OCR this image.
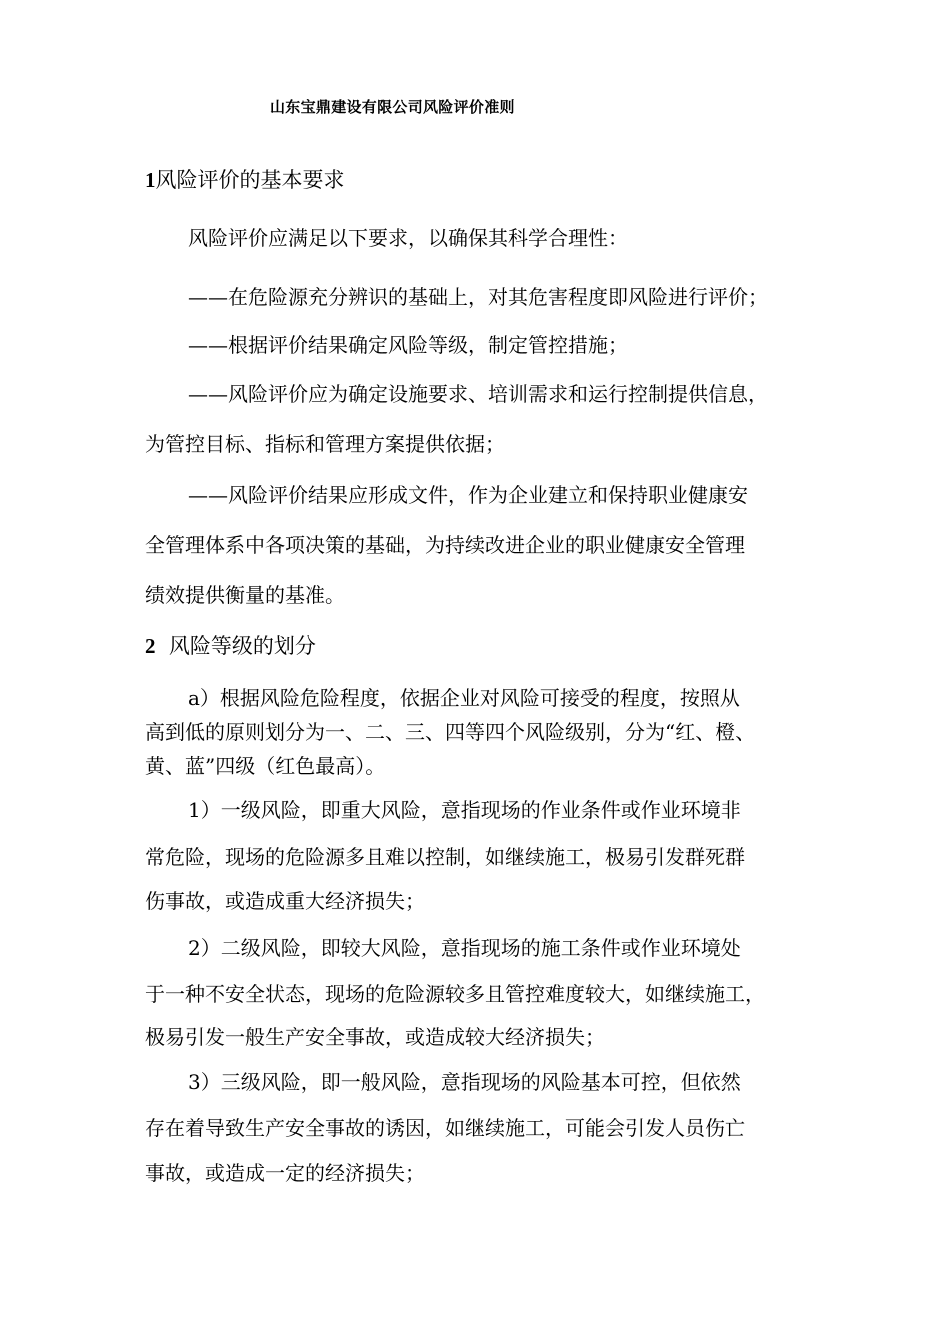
山东宝鼎建设有限公司风险评价准则
1风险评价的基本要求
风险评价应满足以下要求，以确保其科学合理性：
——在危险源充分辨识的基础上，对其危害程度即风险进行评价；
——根据评价结果确定风险等级，制定管控措施；
——风险评价应为确定设施要求、培训需求和运行控制提供信息，
为管控目标、指标和管理方案提供依据；
——风险评价结果应形成文件，作为企业建立和保持职业健康安
全管理体系中各项决策的基础，为持续改进企业的职业健康安全管理
绩效提供衡量的基准。
2 风险等级的划分
a）根据风险危险程度，依据企业对风险可接受的程度，按照从
高到低的原则划分为一、二、三、四等四个风险级别，分为“红、橙、
黄、蓝”四级（红色最高）。
1）一级风险，即重大风险，意指现场的作业条件或作业环境非
常危险，现场的危险源多且难以控制，如继续施工，极易引发群死群
伤事故，或造成重大经济损失；
2）二级风险，即较大风险，意指现场的施工条件或作业环境处
于一种不安全状态，现场的危险源较多且管控难度较大，如继续施工，
极易引发一般生产安全事故，或造成较大经济损失；
3）三级风险，即一般风险，意指现场的风险基本可控，但依然
存在着导致生产安全事故的诱因，如继续施工，可能会引发人员伤亡
事故，或造成一定的经济损失；
